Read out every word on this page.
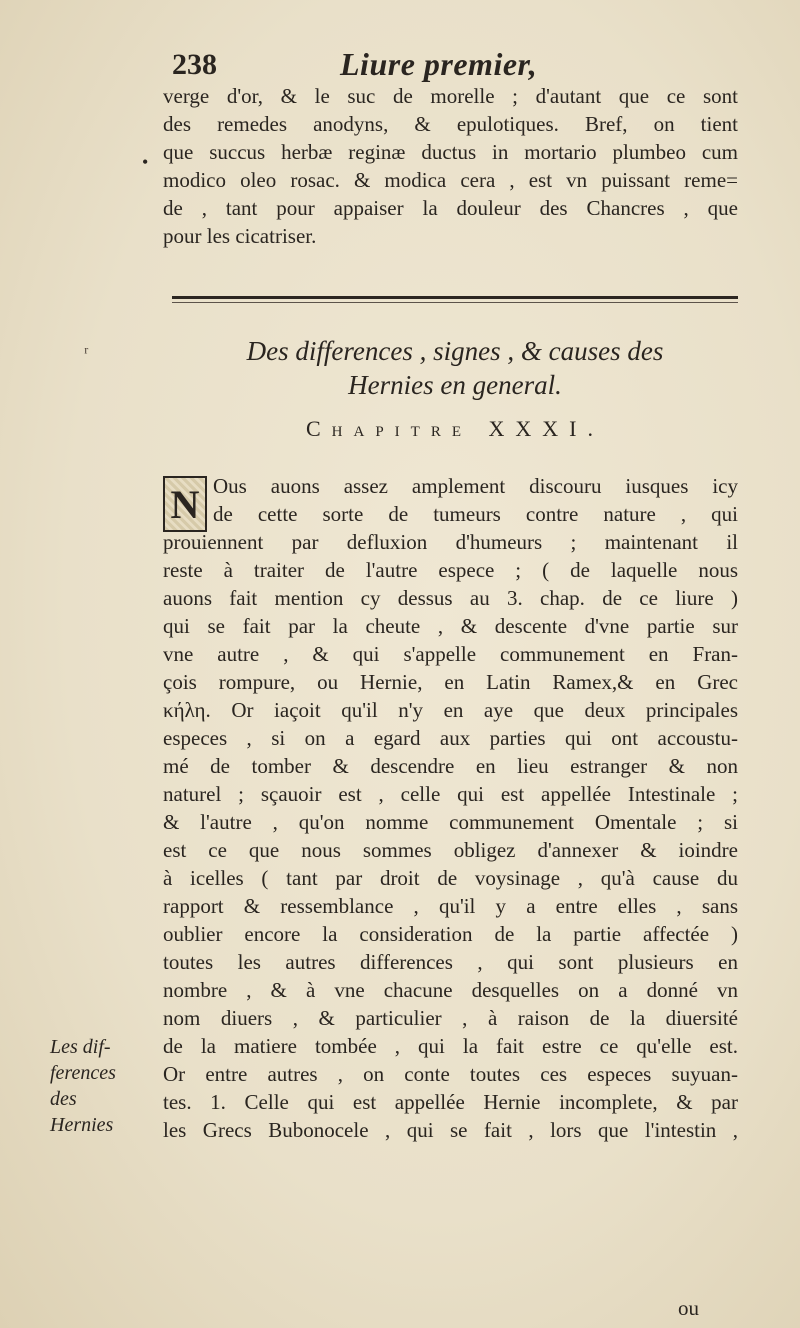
238	Liure premier,
•
verge d'or, & le suc de morelle ; d'autant que ce sont
des remedes anodyns, & epulotiques. Bref, on tient
que succus herbæ reginæ ductus in mortario plumbeo cum
modico oleo rosac. & modica cera , est vn puissant reme=
de , tant pour appaiser la douleur des Chancres , que
pour les cicatriser.
ʳ	Des differences , signes , & causes des
Hernies en general.
Chapitre XXXI.
N Ous auons assez amplement discouru iusques icy
de cette sorte de tumeurs contre nature , qui
prouiennent par defluxion d'humeurs ; maintenant il
reste à traiter de l'autre espece ; ( de laquelle nous
auons fait mention cy dessus au 3. chap. de ce liure )
qui se fait par la cheute , & descente d'vne partie sur
vne autre , & qui s'appelle communement en Fran-
çois rompure, ou Hernie, en Latin Ramex,& en Grec
κήλη. Or iaçoit qu'il n'y en aye que deux principales
especes , si on a egard aux parties qui ont accoustu-
mé de tomber & descendre en lieu estranger & non
naturel ; sçauoir est , celle qui est appellée Intestinale ;
& l'autre , qu'on nomme communement Omentale ; si
est ce que nous sommes obligez d'annexer & ioindre
à icelles ( tant par droit de voysinage , qu'à cause du
rapport & ressemblance , qu'il y a entre elles , sans
oublier encore la consideration de la partie affectée )
toutes les autres differences , qui sont plusieurs en
nombre , & à vne chacune desquelles on a donné vn
nom diuers , & particulier , à raison de la diuersité
de la matiere tombée , qui la fait estre ce qu'elle est.
Or entre autres , on conte toutes ces especes suyuan-
tes. 1. Celle qui est appellée Hernie incomplete, & par
les Grecs Bubonocele , qui se fait , lors que l'intestin ,
Les dif-
ferences
des
Hernies
ou
